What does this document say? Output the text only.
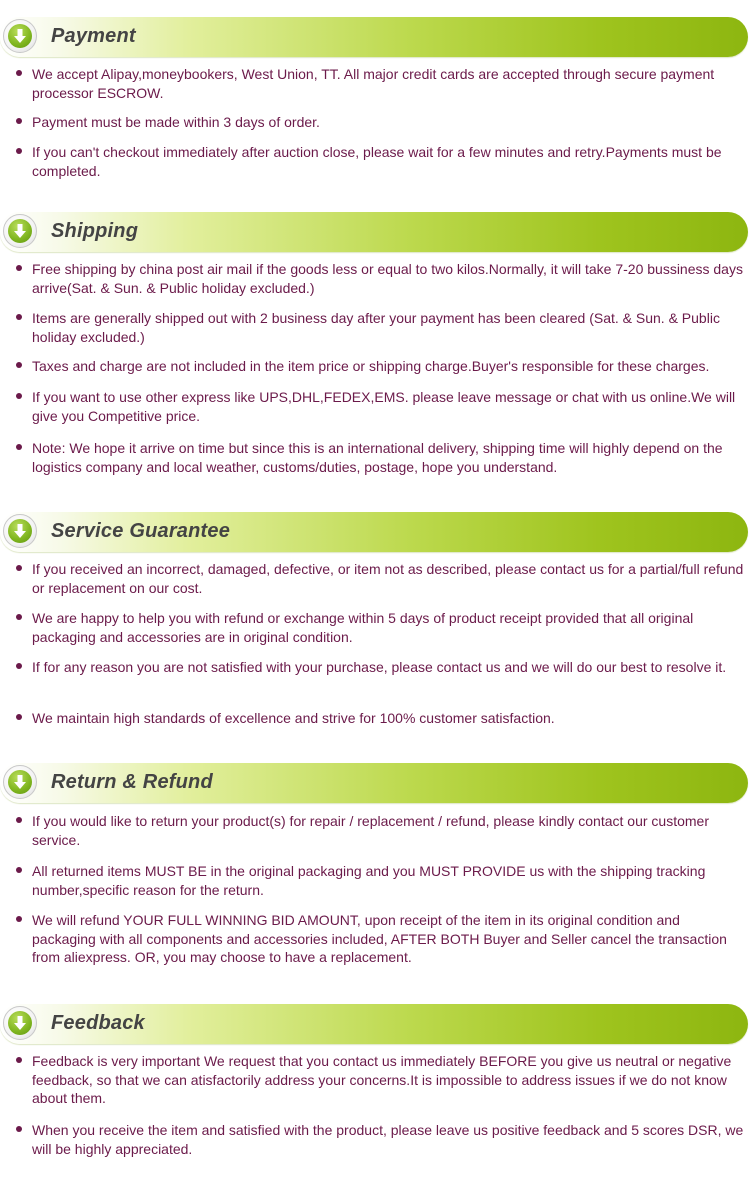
Payment
We accept Alipay,moneybookers, West Union, TT. All major credit cards are accepted through secure payment processor ESCROW.
Payment must be made within 3 days of order.
If you can't checkout immediately after auction close, please wait for a few minutes and retry.Payments must be completed.
Shipping
Free shipping by china post air mail if the goods less or equal to two kilos.Normally, it will take 7-20 bussiness days arrive(Sat. & Sun. & Public holiday excluded.)
Items are generally shipped out with 2 business day after your payment has been cleared (Sat. & Sun. & Public holiday excluded.)
Taxes and charge are not included in the item price or shipping charge.Buyer's responsible for these charges.
If you want to use other express like UPS,DHL,FEDEX,EMS. please leave message or chat with us online.We will give you Competitive price.
Note: We hope it arrive on time but since this is an international delivery, shipping time will highly depend on the logistics company and local weather, customs/duties, postage, hope you understand.
Service Guarantee
If you received an incorrect, damaged, defective, or item not as described, please contact us for a partial/full refund or replacement on our cost.
We are happy to help you with refund or exchange within 5 days of product receipt provided that all original packaging and accessories are in original condition.
If for any reason you are not satisfied with your purchase, please contact us and we will do our best to resolve it.
We maintain high standards of excellence and strive for 100% customer satisfaction.
Return & Refund
If you would like to return your product(s) for repair / replacement / refund, please kindly contact our customer service.
All returned items MUST BE in the original packaging and you MUST PROVIDE us with the shipping tracking number,specific reason for the return.
We will refund YOUR FULL WINNING BID AMOUNT, upon receipt of the item in its original condition and packaging with all components and accessories included, AFTER BOTH Buyer and Seller cancel the transaction from aliexpress. OR, you may choose to have a replacement.
Feedback
Feedback is very important We request that you contact us immediately BEFORE you give us neutral or negative feedback, so that we can atisfactorily address your concerns.It is impossible to address issues if we do not know about them.
When you receive the item and satisfied with the product, please leave us positive feedback and 5 scores DSR, we will be highly appreciated.
